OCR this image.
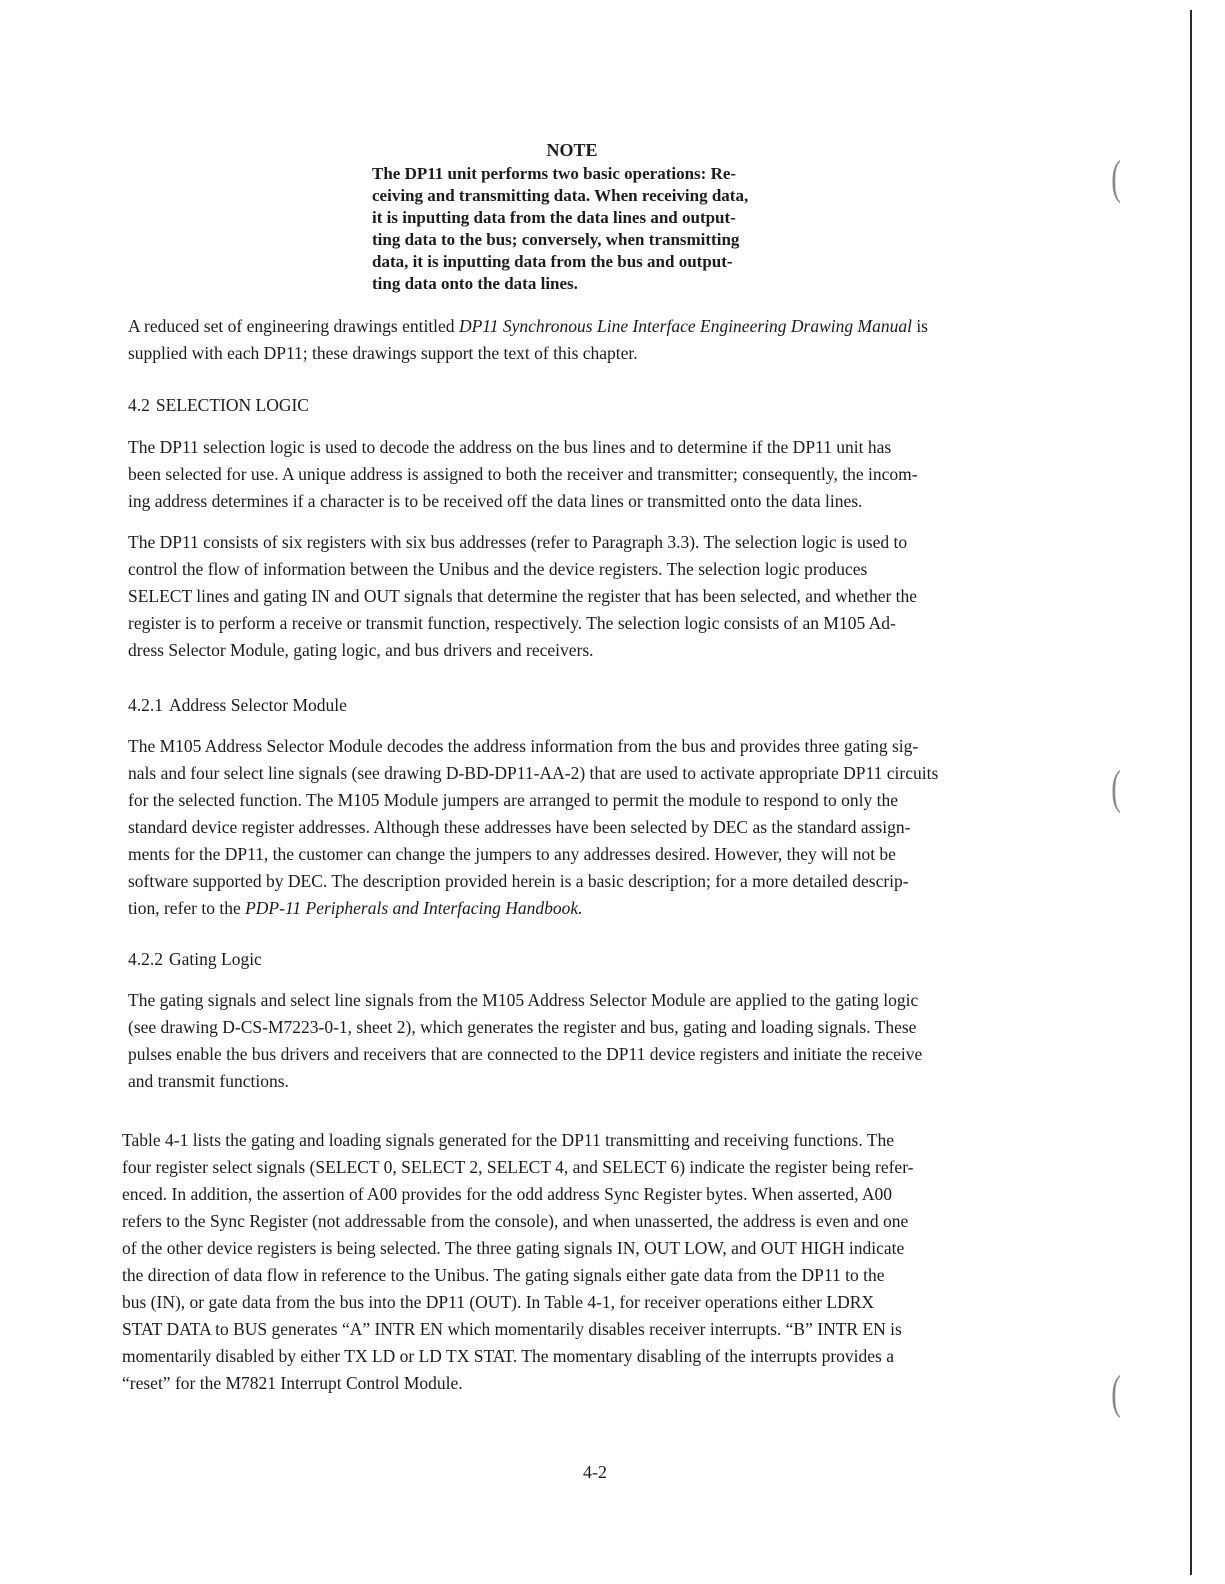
(
(
(
NOTE
The DP11 unit performs two basic operations: Re-
ceiving and transmitting data. When receiving data,
it is inputting data from the data lines and output-
ting data to the bus; conversely, when transmitting
data, it is inputting data from the bus and output-
ting data onto the data lines.
A reduced set of engineering drawings entitled DP11 Synchronous Line Interface Engineering Drawing Manual is
supplied with each DP11; these drawings support the text of this chapter.
4.2 SELECTION LOGIC
The DP11 selection logic is used to decode the address on the bus lines and to determine if the DP11 unit has
been selected for use. A unique address is assigned to both the receiver and transmitter; consequently, the incom-
ing address determines if a character is to be received off the data lines or transmitted onto the data lines.
The DP11 consists of six registers with six bus addresses (refer to Paragraph 3.3). The selection logic is used to
control the flow of information between the Unibus and the device registers. The selection logic produces
SELECT lines and gating IN and OUT signals that determine the register that has been selected, and whether the
register is to perform a receive or transmit function, respectively. The selection logic consists of an M105 Ad-
dress Selector Module, gating logic, and bus drivers and receivers.
4.2.1 Address Selector Module
The M105 Address Selector Module decodes the address information from the bus and provides three gating sig-
nals and four select line signals (see drawing D-BD-DP11-AA-2) that are used to activate appropriate DP11 circuits
for the selected function. The M105 Module jumpers are arranged to permit the module to respond to only the
standard device register addresses. Although these addresses have been selected by DEC as the standard assign-
ments for the DP11, the customer can change the jumpers to any addresses desired. However, they will not be
software supported by DEC. The description provided herein is a basic description; for a more detailed descrip-
tion, refer to the PDP-11 Peripherals and Interfacing Handbook.
4.2.2 Gating Logic
The gating signals and select line signals from the M105 Address Selector Module are applied to the gating logic
(see drawing D-CS-M7223-0-1, sheet 2), which generates the register and bus, gating and loading signals. These
pulses enable the bus drivers and receivers that are connected to the DP11 device registers and initiate the receive
and transmit functions.
Table 4-1 lists the gating and loading signals generated for the DP11 transmitting and receiving functions. The
four register select signals (SELECT 0, SELECT 2, SELECT 4, and SELECT 6) indicate the register being refer-
enced. In addition, the assertion of A00 provides for the odd address Sync Register bytes. When asserted, A00
refers to the Sync Register (not addressable from the console), and when unasserted, the address is even and one
of the other device registers is being selected. The three gating signals IN, OUT LOW, and OUT HIGH indicate
the direction of data flow in reference to the Unibus. The gating signals either gate data from the DP11 to the
bus (IN), or gate data from the bus into the DP11 (OUT). In Table 4-1, for receiver operations either LDRX
STAT DATA to BUS generates “A” INTR EN which momentarily disables receiver interrupts. “B” INTR EN is
momentarily disabled by either TX LD or LD TX STAT. The momentary disabling of the interrupts provides a
“reset” for the M7821 Interrupt Control Module.
4-2
